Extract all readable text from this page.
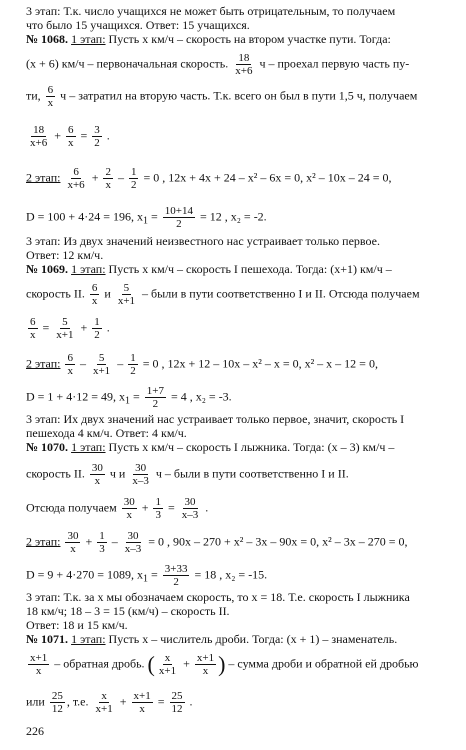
3 этап: Т.к. число учащихся не может быть отрицательным, то получаем
что было 15 учащихся. Ответ: 15 учащихся.
№ 1068. 1 этап: Пусть x км/ч – скорость на втором участке пути. Тогда:
(x + 6) км/ч – первоначальная скорость. $\frac{18}{x+6}$ ч – проехал первую часть пу-
ти, $\frac{6}{x}$ ч – затратил на вторую часть. Т.к. всего он был в пути 1,5 ч, получаем
$\frac{18}{x+6} + \frac{6}{x} = \frac{3}{2}$ .
2 этап: $\frac{6}{x+6} + \frac{2}{x} - \frac{1}{2} = 0$ , 12x + 4x + 24 – x² – 6x = 0, x² – 10x – 24 = 0,
D = 100 + 4·24 = 196, $x_1 = \frac{10+14}{2} = 12$ , x₂ = -2.
3 этап: Из двух значений неизвестного нас устраивает только первое.
Ответ: 12 км/ч.
№ 1069. 1 этап: Пусть x км/ч – скорость I пешехода. Тогда: (x+1) км/ч –
скорость II. $\frac{6}{x}$ и $\frac{5}{x+1}$ – были в пути соответственно I и II. Отсюда получаем
$\frac{6}{x} = \frac{5}{x+1} + \frac{1}{2}$ .
2 этап: $\frac{6}{x} - \frac{5}{x+1} - \frac{1}{2} = 0$ , 12x + 12 – 10x – x² – x = 0, x² – x – 12 = 0,
D = 1 + 4·12 = 49, $x_1 = \frac{1+7}{2} = 4$ , x₂ = -3.
3 этап: Их двух значений нас устраивает только первое, значит, скорость I
пешехода 4 км/ч. Ответ: 4 км/ч.
№ 1070. 1 этап: Пусть x км/ч – скорость I лыжника. Тогда: (x – 3) км/ч –
скорость II. $\frac{30}{x}$ ч и $\frac{30}{x-3}$ ч – были в пути соответственно I и II.
Отсюда получаем $\frac{30}{x} + \frac{1}{3} = \frac{30}{x-3}$ .
2 этап: $\frac{30}{x} + \frac{1}{3} - \frac{30}{x-3} = 0$ , 90x – 270 + x² – 3x – 90x = 0, x² – 3x – 270 = 0,
D = 9 + 4·270 = 1089, $x_1 = \frac{3+33}{2} = 18$ , x₂ = -15.
3 этап: Т.к. за x мы обозначаем скорость, то x = 18. Т.е. скорость I лыжника
18 км/ч; 18 – 3 = 15 (км/ч) – скорость II.
Ответ: 18 и 15 км/ч.
№ 1071. 1 этап: Пусть x – числитель дроби. Тогда: (x + 1) – знаменатель.
$\frac{x+1}{x}$ – обратная дробь. ( $\frac{x}{x+1} + \frac{x+1}{x}$ ) – сумма дроби и обратной ей дробью
или $\frac{25}{12}$ , т.е. $\frac{x}{x+1} + \frac{x+1}{x} = \frac{25}{12}$ .
226
